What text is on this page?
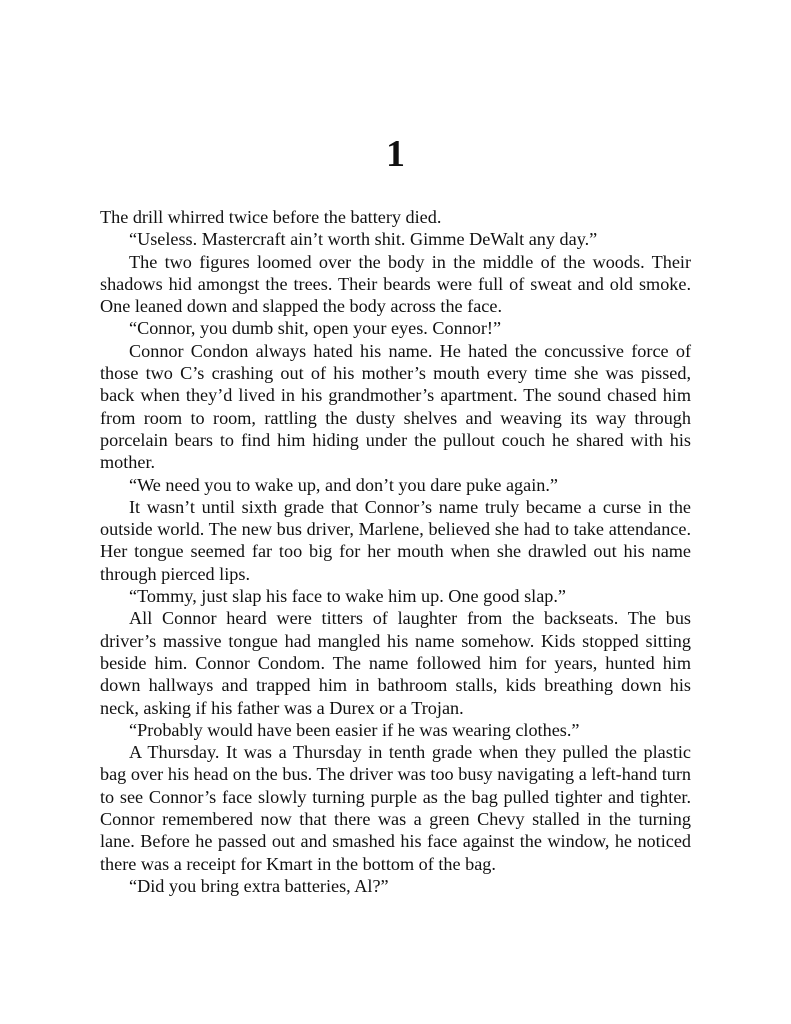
1

The drill whirred twice before the battery died.

“Useless. Mastercraft ain’t worth shit. Gimme DeWalt any day.”

The two figures loomed over the body in the middle of the woods. Their shadows hid amongst the trees. Their beards were full of sweat and old smoke. One leaned down and slapped the body across the face.

“Connor, you dumb shit, open your eyes. Connor!”

Connor Condon always hated his name. He hated the concussive force of those two C’s crashing out of his mother’s mouth every time she was pissed, back when they’d lived in his grandmother’s apartment. The sound chased him from room to room, rattling the dusty shelves and weaving its way through porcelain bears to find him hiding under the pullout couch he shared with his mother.

“We need you to wake up, and don’t you dare puke again.”

It wasn’t until sixth grade that Connor’s name truly became a curse in the outside world. The new bus driver, Marlene, believed she had to take attendance. Her tongue seemed far too big for her mouth when she drawled out his name through pierced lips.

“Tommy, just slap his face to wake him up. One good slap.”

All Connor heard were titters of laughter from the backseats. The bus driver’s massive tongue had mangled his name somehow. Kids stopped sitting beside him. Connor Condom. The name followed him for years, hunted him down hallways and trapped him in bathroom stalls, kids breathing down his neck, asking if his father was a Durex or a Trojan.

“Probably would have been easier if he was wearing clothes.”

A Thursday. It was a Thursday in tenth grade when they pulled the plastic bag over his head on the bus. The driver was too busy navigating a left-hand turn to see Connor’s face slowly turning purple as the bag pulled tighter and tighter. Connor remembered now that there was a green Chevy stalled in the turning lane. Before he passed out and smashed his face against the window, he noticed there was a receipt for Kmart in the bottom of the bag.

“Did you bring extra batteries, Al?”
